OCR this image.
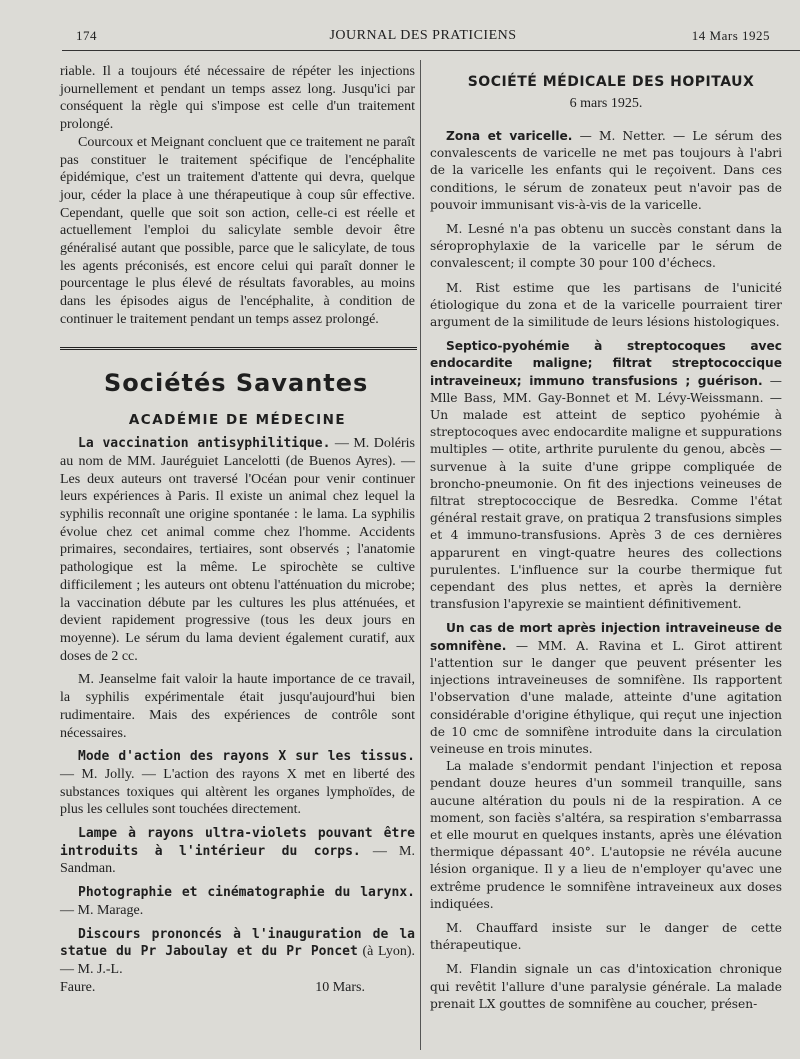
174	JOURNAL DES PRATICIENS	14 Mars 1925

riable. Il a toujours été nécessaire de répéter les injections journellement et pendant un temps assez long. Jusqu'ici par conséquent la règle qui s'impose est celle d'un traitement prolongé.

Courcoux et Meignant concluent que ce traitement ne paraît pas constituer le traitement spécifique de l'encéphalite épidémique, c'est un traitement d'attente qui devra, quelque jour, céder la place à une thérapeutique à coup sûr effective. Cependant, quelle que soit son action, celle-ci est réelle et actuellement l'emploi du salicylate semble devoir être généralisé autant que possible, parce que le salicylate, de tous les agents préconisés, est encore celui qui paraît donner le pourcentage le plus élevé de résultats favorables, au moins dans les épisodes aigus de l'encéphalite, à condition de continuer le traitement pendant un temps assez prolongé.

Sociétés Savantes
ACADÉMIE DE MÉDECINE

La vaccination antisyphilitique. — M. Doléris au nom de MM. Jauréguiet Lancelotti (de Buenos Ayres). — Les deux auteurs ont traversé l'Océan pour venir continuer leurs expériences à Paris. Il existe un animal chez lequel la syphilis reconnaît une origine spontanée : le lama. La syphilis évolue chez cet animal comme chez l'homme. Accidents primaires, secondaires, tertiaires, sont observés ; l'anatomie pathologique est la même. Le spirochète se cultive difficilement ; les auteurs ont obtenu l'atténuation du microbe; la vaccination débute par les cultures les plus atténuées, et devient rapidement progressive (tous les deux jours en moyenne). Le sérum du lama devient également curatif, aux doses de 2 cc.

M. Jeanselme fait valoir la haute importance de ce travail, la syphilis expérimentale était jusqu'aujourd'hui bien rudimentaire. Mais des expériences de contrôle sont nécessaires.

Mode d'action des rayons X sur les tissus. — M. Jolly. — L'action des rayons X met en liberté des substances toxiques qui altèrent les organes lymphoïdes, de plus les cellules sont touchées directement.

Lampe à rayons ultra-violets pouvant être introduits à l'intérieur du corps. — M. Sandman.

Photographie et cinématographie du larynx. — M. Marage.

Discours prononcés à l'inauguration de la statue du Pr Jaboulay et du Pr Poncet (à Lyon). — M. J.-L.

Faure.	10 Mars.
SOCIÉTÉ MÉDICALE DES HOPITAUX
6 mars 1925.

Zona et varicelle. — M. Netter. — Le sérum des convalescents de varicelle ne met pas toujours à l'abri de la varicelle les enfants qui le reçoivent. Dans ces conditions, le sérum de zonateux peut n'avoir pas de pouvoir immunisant vis-à-vis de la varicelle.

M. Lesné n'a pas obtenu un succès constant dans la séroprophylaxie de la varicelle par le sérum de convalescent; il compte 30 pour 100 d'échecs.

M. Rist estime que les partisans de l'unicité étiologique du zona et de la varicelle pourraient tirer argument de la similitude de leurs lésions histologiques.

Septico-pyohémie à streptocoques avec endocardite maligne; filtrat streptococcique intraveineux; immuno transfusions ; guérison. — Mlle Bass, MM. Gay-Bonnet et M. Lévy-Weissmann. — Un malade est atteint de septico pyohémie à streptocoques avec endocardite maligne et suppurations multiples — otite, arthrite purulente du genou, abcès — survenue à la suite d'une grippe compliquée de broncho-pneumonie. On fit des injections veineuses de filtrat streptococcique de Besredka. Comme l'état général restait grave, on pratiqua 2 transfusions simples et 4 immuno-transfusions. Après 3 de ces dernières apparurent en vingt-quatre heures des collections purulentes. L'influence sur la courbe thermique fut cependant des plus nettes, et après la dernière transfusion l'apyrexie se maintient définitivement.

Un cas de mort après injection intraveineuse de somnifène. — MM. A. Ravina et L. Girot attirent l'attention sur le danger que peuvent présenter les injections intraveineuses de somnifène. Ils rapportent l'observation d'une malade, atteinte d'une agitation considérable d'origine éthylique, qui reçut une injection de 10 cmc de somnifène introduite dans la circulation veineuse en trois minutes.

La malade s'endormit pendant l'injection et reposa pendant douze heures d'un sommeil tranquille, sans aucune altération du pouls ni de la respiration. A ce moment, son faciès s'altéra, sa respiration s'embarrassa et elle mourut en quelques instants, après une élévation thermique dépassant 40°. L'autopsie ne révéla aucune lésion organique. Il y a lieu de n'employer qu'avec une extrême prudence le somnifène intraveineux aux doses indiquées.

M. Chauffard insiste sur le danger de cette thérapeutique.

M. Flandin signale un cas d'intoxication chronique qui revêtit l'allure d'une paralysie générale. La malade prenait LX gouttes de somnifène au coucher, présen-
